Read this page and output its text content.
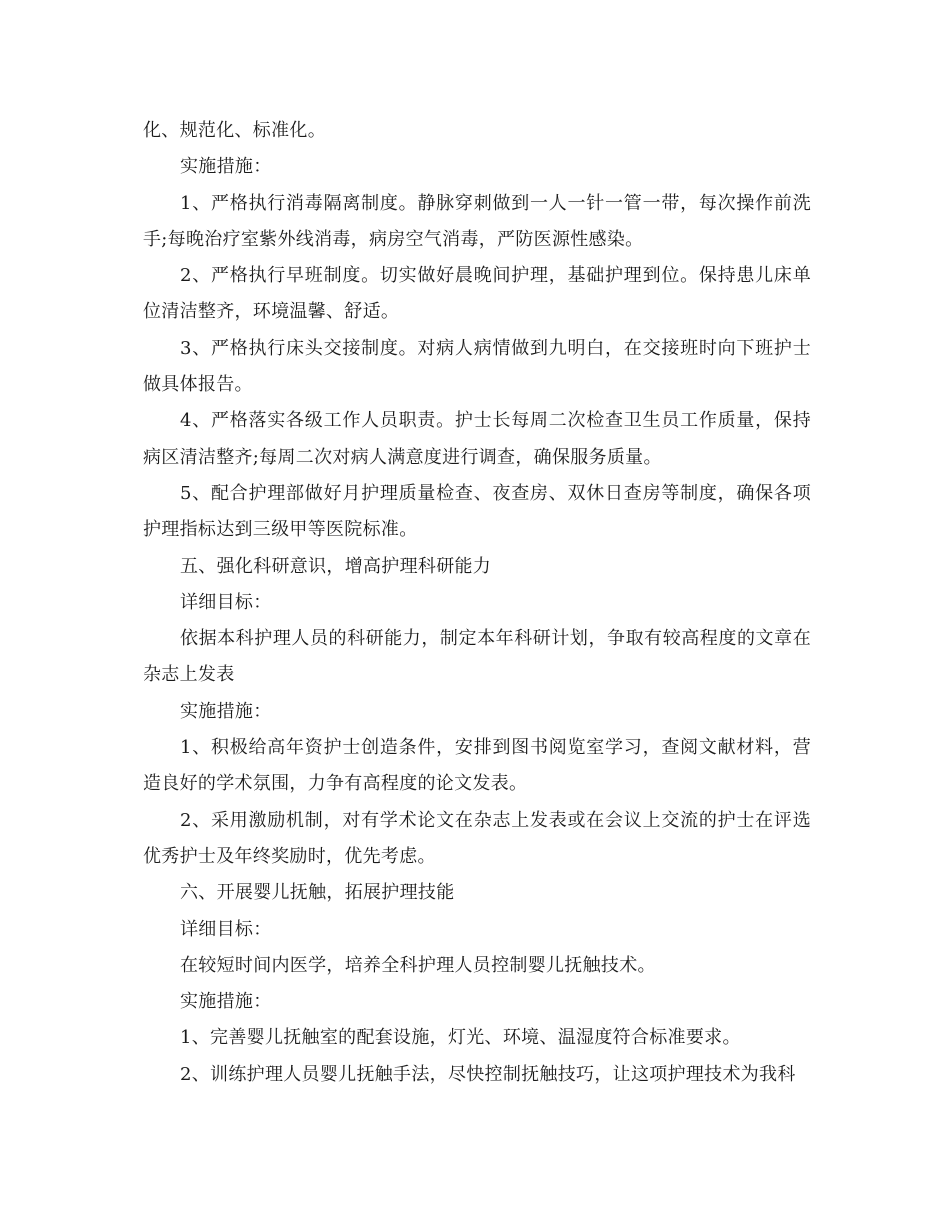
化、规范化、标准化。

实施措施：

1、严格执行消毒隔离制度。静脉穿刺做到一人一针一管一带，每次操作前洗手;每晚治疗室紫外线消毒，病房空气消毒，严防医源性感染。

2、严格执行早班制度。切实做好晨晚间护理，基础护理到位。保持患儿床单位清洁整齐，环境温馨、舒适。

3、严格执行床头交接制度。对病人病情做到九明白，在交接班时向下班护士做具体报告。

4、严格落实各级工作人员职责。护士长每周二次检查卫生员工作质量，保持病区清洁整齐;每周二次对病人满意度进行调查，确保服务质量。

5、配合护理部做好月护理质量检查、夜查房、双休日查房等制度，确保各项护理指标达到三级甲等医院标准。

五、强化科研意识，增高护理科研能力

详细目标：

依据本科护理人员的科研能力，制定本年科研计划，争取有较高程度的文章在杂志上发表

实施措施：

1、积极给高年资护士创造条件，安排到图书阅览室学习，查阅文献材料，营造良好的学术氛围，力争有高程度的论文发表。

2、采用激励机制，对有学术论文在杂志上发表或在会议上交流的护士在评选优秀护士及年终奖励时，优先考虑。

六、开展婴儿抚触，拓展护理技能

详细目标：

在较短时间内医学，培养全科护理人员控制婴儿抚触技术。

实施措施：

1、完善婴儿抚触室的配套设施，灯光、环境、温湿度符合标准要求。

2、训练护理人员婴儿抚触手法，尽快控制抚触技巧，让这项护理技术为我科
